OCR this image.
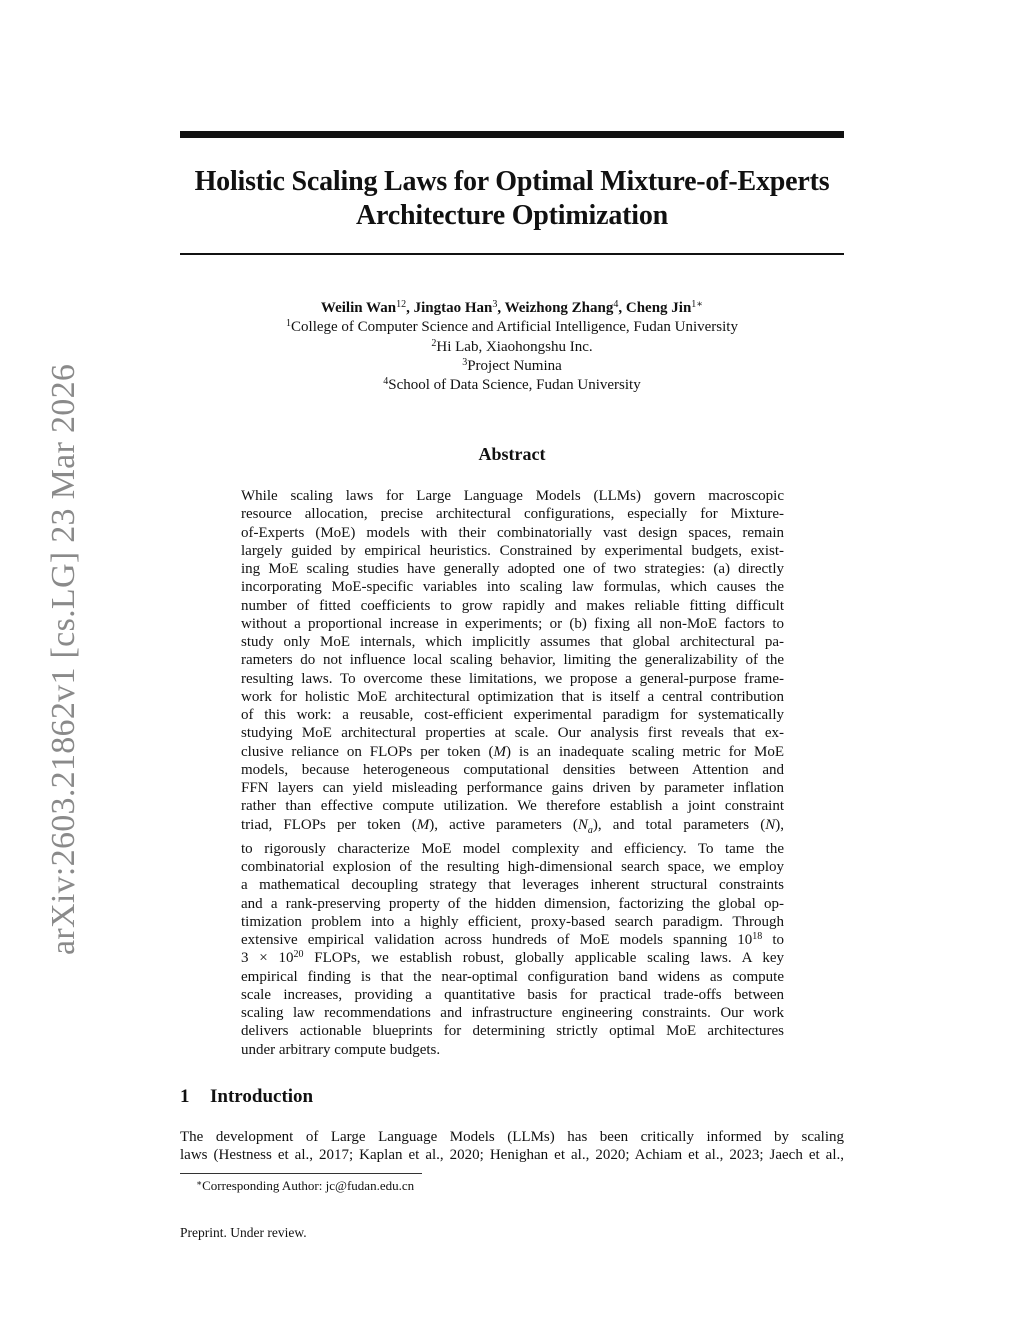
arXiv:2603.21862v1 [cs.LG] 23 Mar 2026
Holistic Scaling Laws for Optimal Mixture-of-Experts
Architecture Optimization
Weilin Wan$^{12}$, Jingtao Han$^3$, Weizhong Zhang$^4$, Cheng Jin$^{1∗}$
$^1$College of Computer Science and Artificial Intelligence, Fudan University
$^2$Hi Lab, Xiaohongshu Inc.
$^3$Project Numina
$^4$School of Data Science, Fudan University
Abstract
While scaling laws for Large Language Models (LLMs) govern macroscopic
resource allocation, precise architectural configurations, especially for Mixture-
of-Experts (MoE) models with their combinatorially vast design spaces, remain
largely guided by empirical heuristics. Constrained by experimental budgets, exist-
ing MoE scaling studies have generally adopted one of two strategies: (a) directly
incorporating MoE-specific variables into scaling law formulas, which causes the
number of fitted coefficients to grow rapidly and makes reliable fitting difficult
without a proportional increase in experiments; or (b) fixing all non-MoE factors to
study only MoE internals, which implicitly assumes that global architectural pa-
rameters do not influence local scaling behavior, limiting the generalizability of the
resulting laws. To overcome these limitations, we propose a general-purpose frame-
work for holistic MoE architectural optimization that is itself a central contribution
of this work: a reusable, cost-efficient experimental paradigm for systematically
studying MoE architectural properties at scale. Our analysis first reveals that ex-
clusive reliance on FLOPs per token (M) is an inadequate scaling metric for MoE
models, because heterogeneous computational densities between Attention and
FFN layers can yield misleading performance gains driven by parameter inflation
rather than effective compute utilization. We therefore establish a joint constraint
triad, FLOPs per token (M), active parameters $(N_a)$, and total parameters (N),
to rigorously characterize MoE model complexity and efficiency. To tame the
combinatorial explosion of the resulting high-dimensional search space, we employ
a mathematical decoupling strategy that leverages inherent structural constraints
and a rank-preserving property of the hidden dimension, factorizing the global op-
timization problem into a highly efficient, proxy-based search paradigm. Through
extensive empirical validation across hundreds of MoE models spanning $10^{18}$ to
$3 \times 10^{20}$ FLOPs, we establish robust, globally applicable scaling laws. A key
empirical finding is that the near-optimal configuration band widens as compute
scale increases, providing a quantitative basis for practical trade-offs between
scaling law recommendations and infrastructure engineering constraints. Our work
delivers actionable blueprints for determining strictly optimal MoE architectures
under arbitrary compute budgets.
1 Introduction
The development of Large Language Models (LLMs) has been critically informed by scaling
laws (Hestness et al., 2017; Kaplan et al., 2020; Henighan et al., 2020; Achiam et al., 2023; Jaech et al.,
∗Corresponding Author: jc@fudan.edu.cn
Preprint. Under review.
